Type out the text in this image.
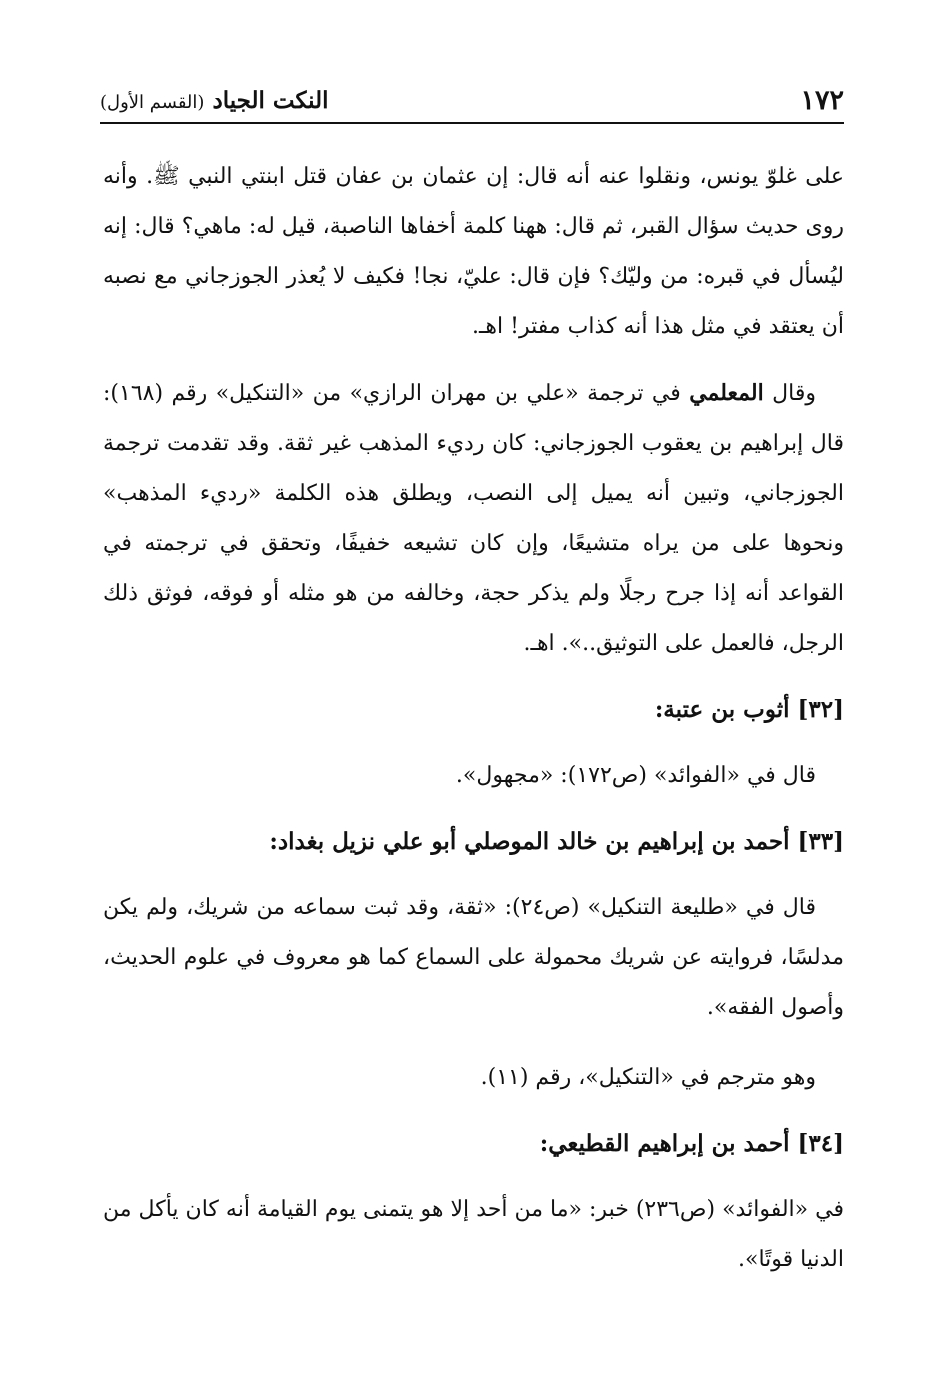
١٧٢
النكت الجياد (القسم الأول)

على غلوّ يونس، ونقلوا عنه أنه قال: إن عثمان بن عفان قتل ابنتي النبي ﷺ. وأنه روى حديث سؤال القبر، ثم قال: ههنا كلمة أخفاها الناصبة، قيل له: ماهي؟ قال: إنه ليُسأل في قبره: من وليّك؟ فإن قال: عليّ، نجا! فكيف لا يُعذر الجوزجاني مع نصبه أن يعتقد في مثل هذا أنه كذاب مفتر! اهـ.

وقال المعلمي في ترجمة «علي بن مهران الرازي» من «التنكيل» رقم (١٦٨): قال إبراهيم بن يعقوب الجوزجاني: كان رديء المذهب غير ثقة. وقد تقدمت ترجمة الجوزجاني، وتبين أنه يميل إلى النصب، ويطلق هذه الكلمة «رديء المذهب» ونحوها على من يراه متشيعًا، وإن كان تشيعه خفيفًا، وتحقق في ترجمته في القواعد أنه إذا جرح رجلًا ولم يذكر حجة، وخالفه من هو مثله أو فوقه، فوثق ذلك الرجل، فالعمل على التوثيق..». اهـ.

[٣٢] أثوب بن عتبة:

قال في «الفوائد» (ص١٧٢): «مجهول».

[٣٣] أحمد بن إبراهيم بن خالد الموصلي أبو علي نزيل بغداد:

قال في «طليعة التنكيل» (ص٢٤): «ثقة، وقد ثبت سماعه من شريك، ولم يكن مدلسًا، فروايته عن شريك محمولة على السماع كما هو معروف في علوم الحديث، وأصول الفقه».

وهو مترجم في «التنكيل»، رقم (١١).

[٣٤] أحمد بن إبراهيم القطيعي:

في «الفوائد» (ص٢٣٦) خبر: «ما من أحد إلا هو يتمنى يوم القيامة أنه كان يأكل من الدنيا قوتًا».
